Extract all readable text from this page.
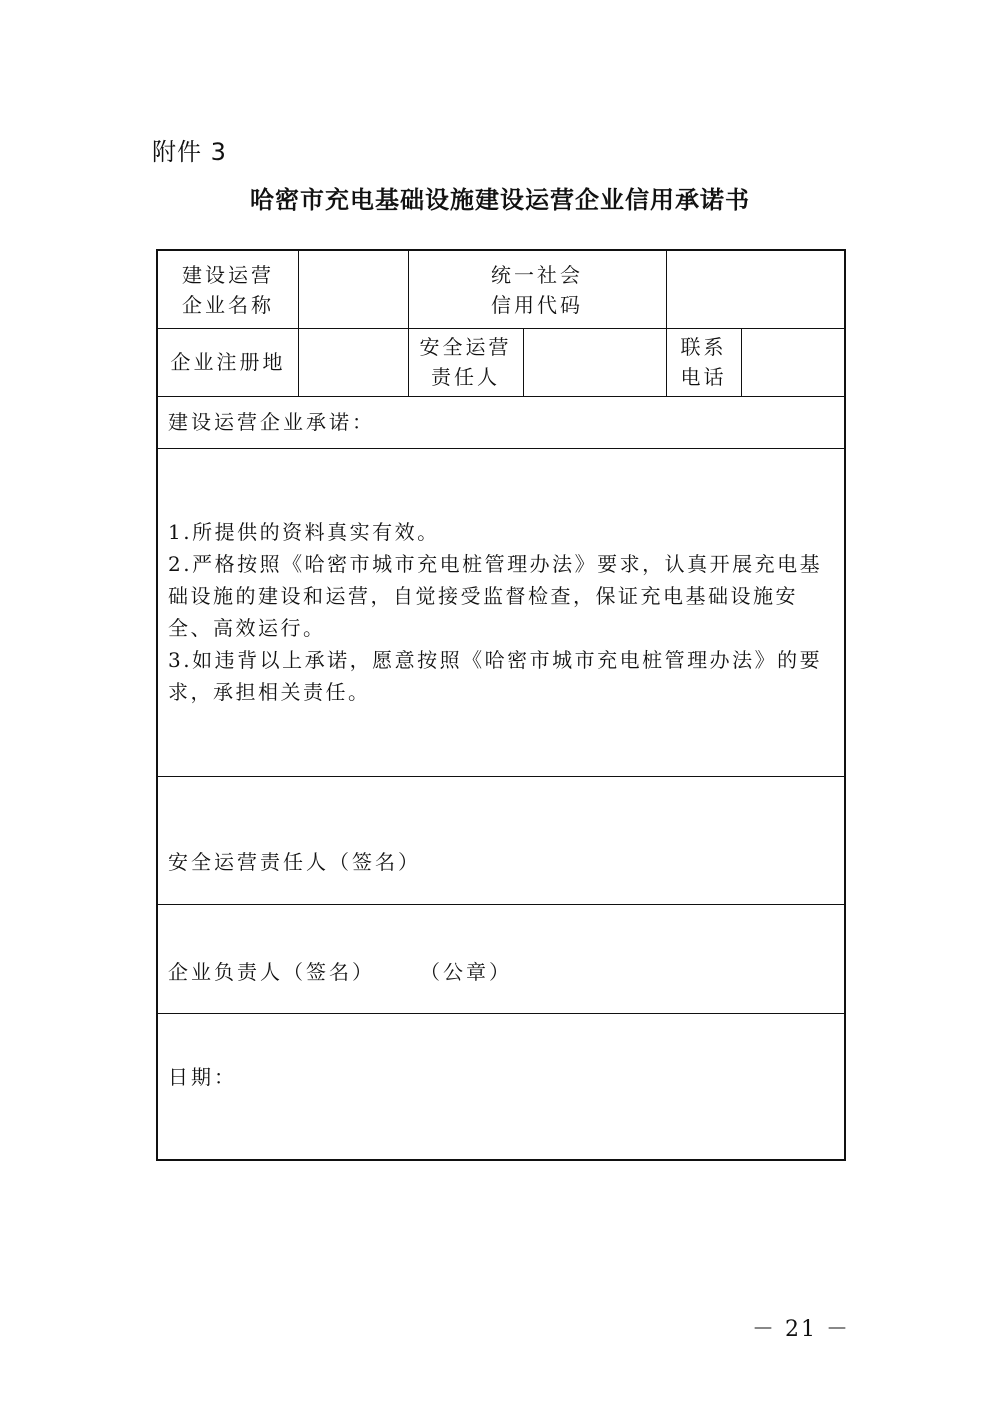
附件 3
哈密市充电基础设施建设运营企业信用承诺书
建设运营
企业名称
统一社会
信用代码
企业注册地
安全运营
责任人
联系
电话
建设运营企业承诺：

1.所提供的资料真实有效。

2.严格按照《哈密市城市充电桩管理办法》要求，认真开展充电基础设施的建设和运营，自觉接受监督检查，保证充电基础设施安全、高效运行。

3.如违背以上承诺，愿意按照《哈密市城市充电桩管理办法》的要求，承担相关责任。

安全运营责任人（签名）
企业负责人（签名） （公章）
日期：
－ 21 －
